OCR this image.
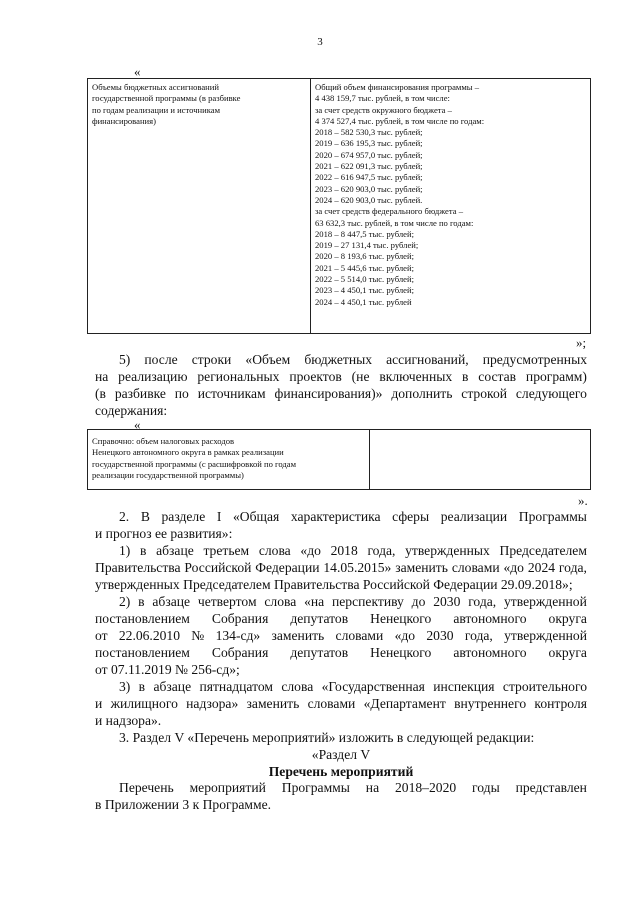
3
«
Объемы бюджетных ассигнований
государственной программы (в разбивке
по годам реализации и источникам
финансирования)
Общий объем финансирования программы –
4 438 159,7 тыс. рублей, в том числе:
за счет средств окружного бюджета –
4 374 527,4 тыс. рублей, в том числе по годам:
2018 – 582 530,3 тыс. рублей;
2019 – 636 195,3 тыс. рублей;
2020 – 674 957,0 тыс. рублей;
2021 – 622 091,3 тыс. рублей;
2022 – 616 947,5 тыс. рублей;
2023 – 620 903,0 тыс. рублей;
2024 – 620 903,0 тыс. рублей.
за счет средств федерального бюджета –
63 632,3 тыс. рублей, в том числе по годам:
2018 – 8 447,5 тыс. рублей;
2019 – 27 131,4 тыс. рублей;
2020 – 8 193,6 тыс. рублей;
2021 – 5 445,6 тыс. рублей;
2022 – 5 514,0 тыс. рублей;
2023 – 4 450,1 тыс. рублей;
2024 – 4 450,1 тыс. рублей
»;
5) после строки «Объем бюджетных ассигнований, предусмотренных
на реализацию региональных проектов (не включенных в состав программ)
(в разбивке по источникам финансирования)» дополнить строкой следующего
содержания:
«
Справочно: объем налоговых расходов
Ненецкого автономного округа в рамках реализации
государственной программы (с расшифровкой по годам
реализации государственной программы)
».
2. В разделе I «Общая характеристика сферы реализации Программы
и прогноз ее развития»:
1) в абзаце третьем слова «до 2018 года, утвержденных Председателем
Правительства Российской Федерации 14.05.2015» заменить словами «до 2024 года,
утвержденных Председателем Правительства Российской Федерации 29.09.2018»;
2) в абзаце четвертом слова «на перспективу до 2030 года, утвержденной
постановлением Собрания депутатов Ненецкого автономного округа
от 22.06.2010 № 134-сд» заменить словами «до 2030 года, утвержденной
постановлением Собрания депутатов Ненецкого автономного округа
от 07.11.2019 № 256-сд»;
3) в абзаце пятнадцатом слова «Государственная инспекция строительного
и жилищного надзора» заменить словами «Департамент внутреннего контроля
и надзора».
3. Раздел V «Перечень мероприятий» изложить в следующей редакции:
«Раздел V
Перечень мероприятий
Перечень мероприятий Программы на 2018–2020 годы представлен
в Приложении 3 к Программе.
